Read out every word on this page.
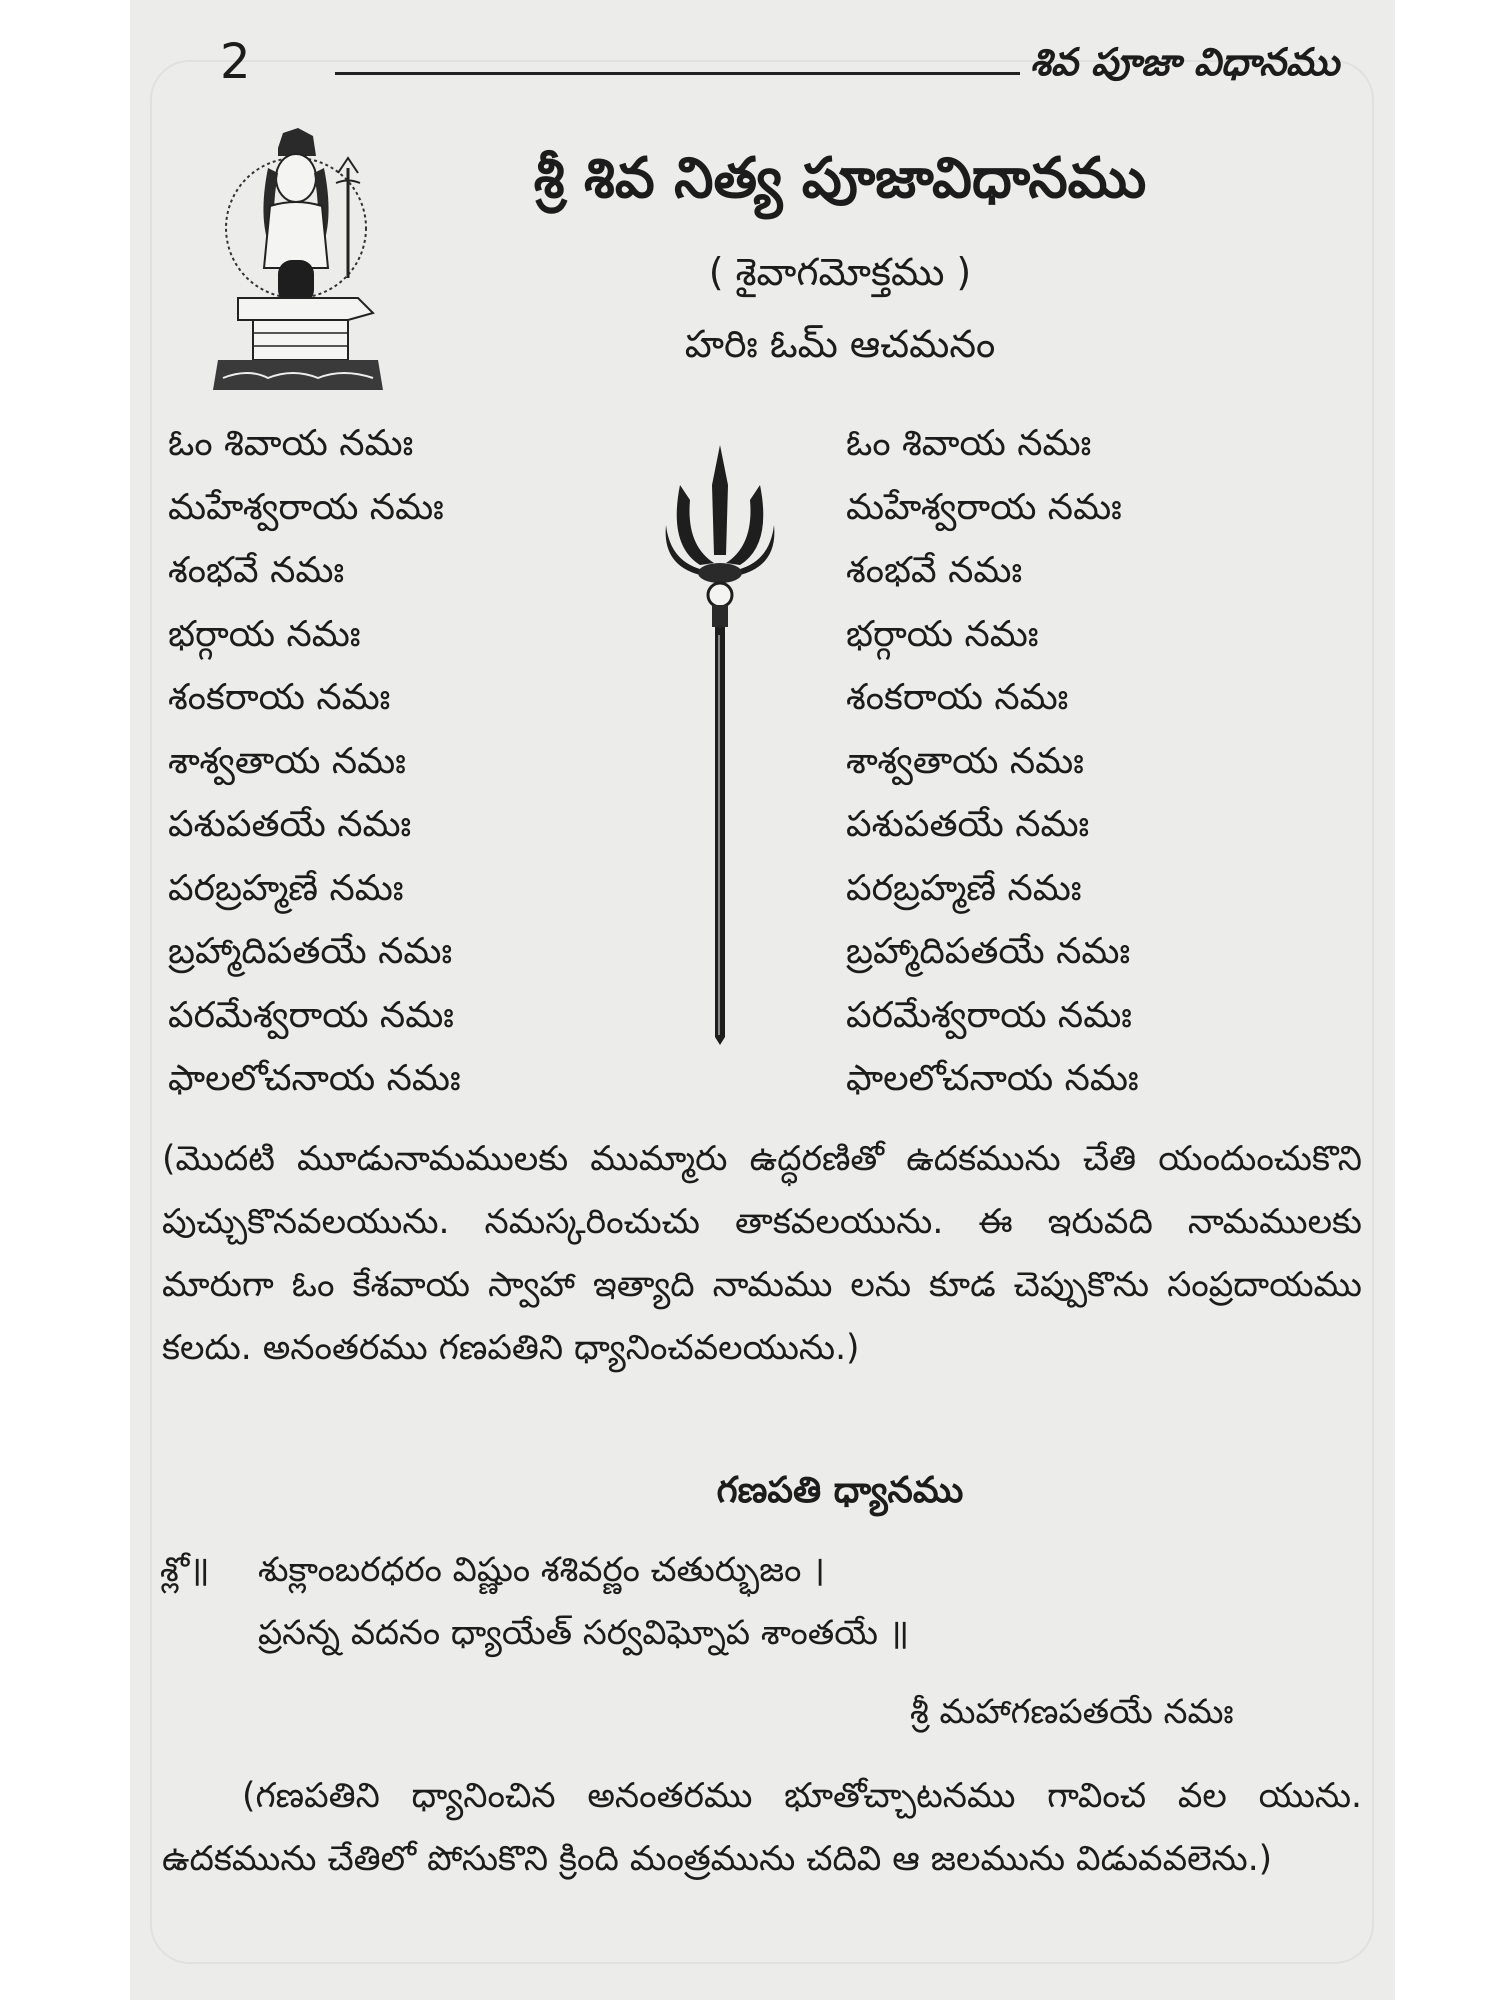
2	శివ పూజా విధానము
శ్రీ శివ నిత్య పూజావిధానము
( శైవాగమోక్తము )
హరిః ఓమ్ ఆచమనం
ఓం శివాయ నమః
మహేశ్వరాయ నమః
శంభవే నమః
భర్గాయ నమః
శంకరాయ నమః
శాశ్వతాయ నమః
పశుపతయే నమః
పరబ్రహ్మణే నమః
బ్రహ్మాదిపతయే నమః
పరమేశ్వరాయ నమః
ఫాలలోచనాయ నమః
ఓం శివాయ నమః
మహేశ్వరాయ నమః
శంభవే నమః
భర్గాయ నమః
శంకరాయ నమః
శాశ్వతాయ నమః
పశుపతయే నమః
పరబ్రహ్మణే నమః
బ్రహ్మాదిపతయే నమః
పరమేశ్వరాయ నమః
ఫాలలోచనాయ నమః
(మొదటి మూడునామములకు ముమ్మారు ఉద్ధరణితో ఉదకమును చేతి యందుంచుకొని పుచ్చుకొనవలయును. నమస్కరించుచు తాకవలయును. ఈ ఇరువది నామములకు మారుగా ఓం కేశవాయ స్వాహా ఇత్యాది నామము లను కూడ చెప్పుకొను సంప్రదాయము కలదు. అనంతరము గణపతిని ధ్యానించవలయును.)
గణపతి ధ్యానము
శ్లో॥ శుక్లాంబరధరం విష్ణుం శశివర్ణం చతుర్భుజం ।
ప్రసన్న వదనం ధ్యాయేత్ సర్వవిఘ్నోప శాంతయే ॥
శ్రీ మహాగణపతయే నమః
(గణపతిని ధ్యానించిన అనంతరము భూతోచ్చాటనము గావించ వల యును. ఉదకమును చేతిలో పోసుకొని క్రింది మంత్రమును చదివి ఆ జలమును విడువవలెను.)
